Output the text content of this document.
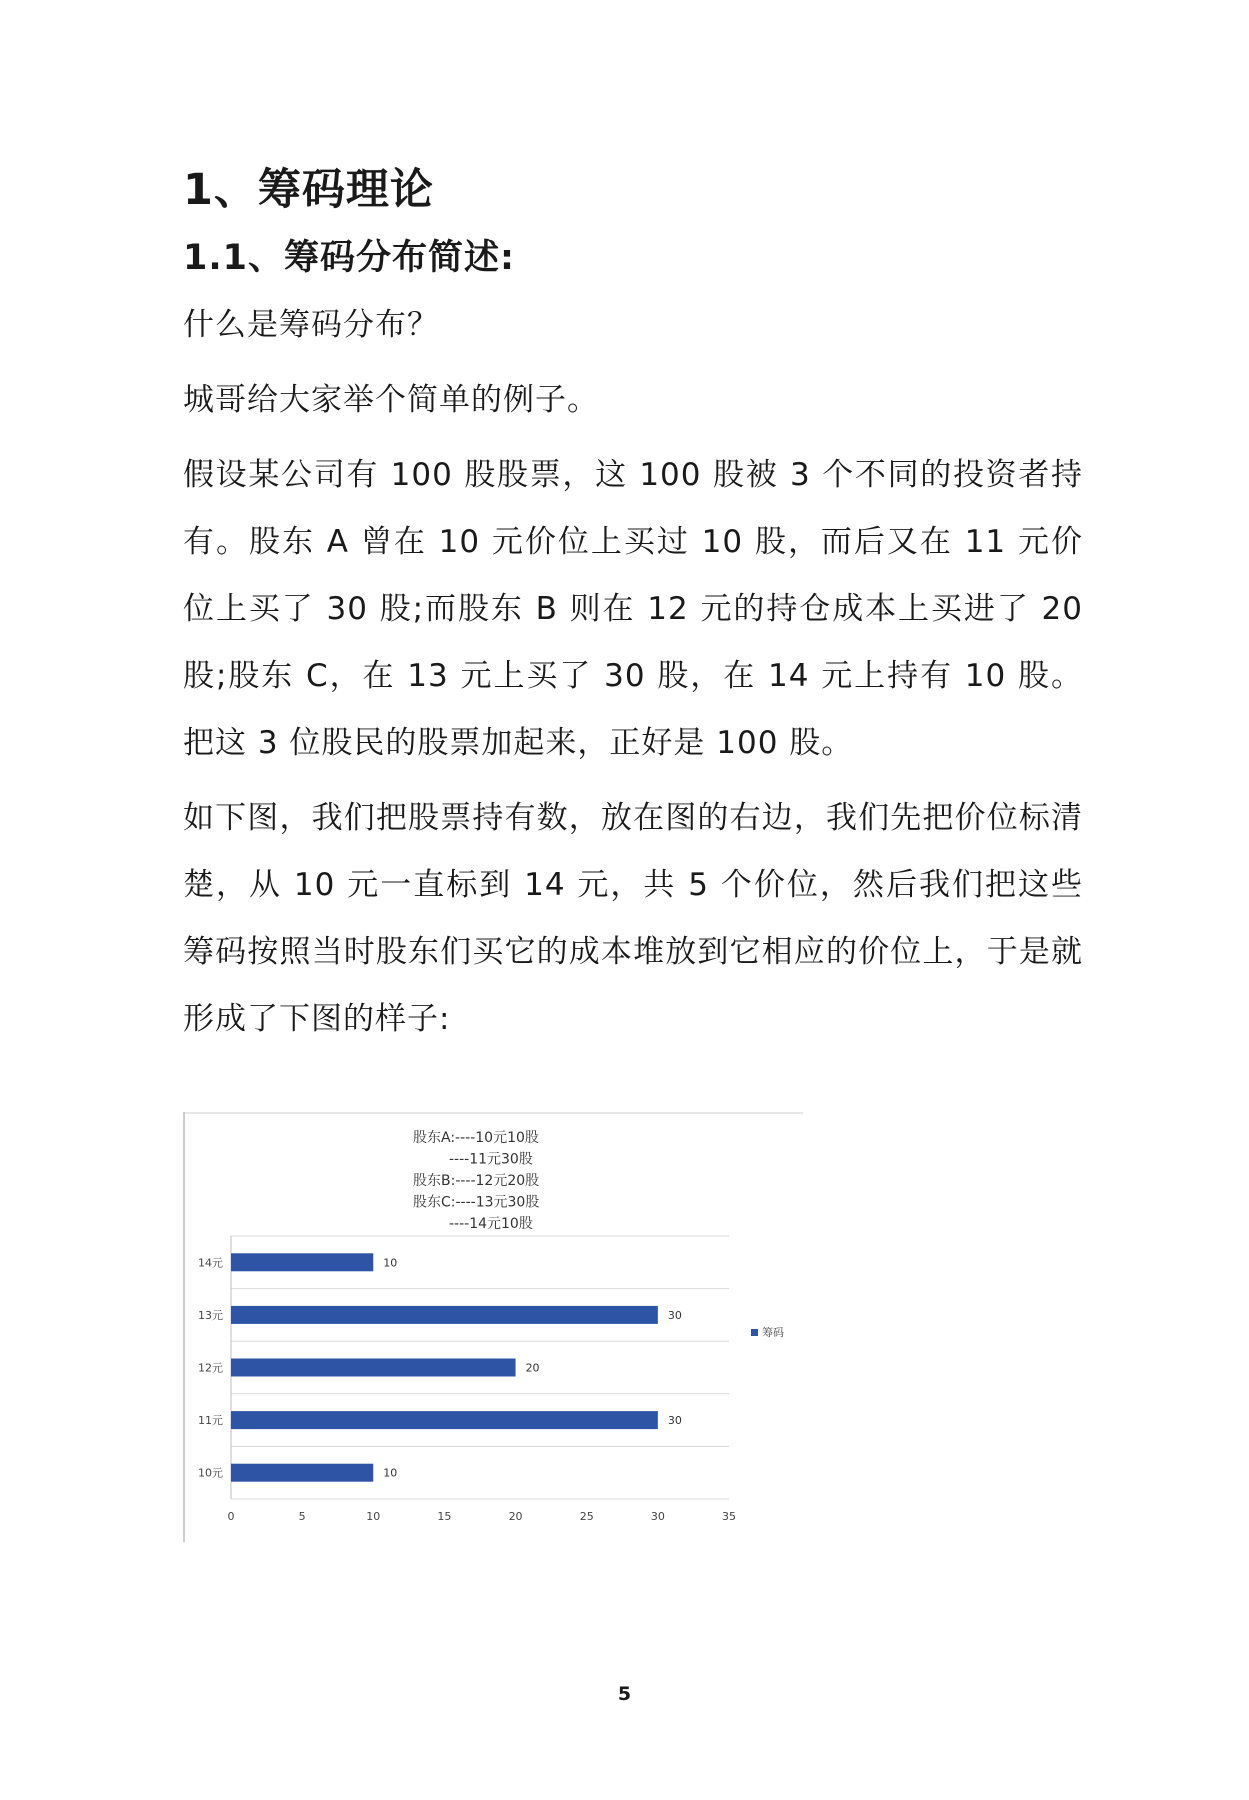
1、筹码理论
1.1、筹码分布简述:

什么是筹码分布？

城哥给大家举个简单的例子。

假设某公司有 100 股股票，这 100 股被 3 个不同的投资者持有。股东 A 曾在 10 元价位上买过 10 股，而后又在 11 元价位上买了 30 股;而股东 B 则在 12 元的持仓成本上买进了 20 股;股东 C，在 13 元上买了 30 股，在 14 元上持有 10 股。把这 3 位股民的股票加起来，正好是 100 股。

如下图，我们把股票持有数，放在图的右边，我们先把价位标清楚，从 10 元一直标到 14 元，共 5 个价位，然后我们把这些筹码按照当时股东们买它的成本堆放到它相应的价位上，于是就形成了下图的样子:

股东A:----10元10股
----11元30股
股东B:----12元20股
股东C:----13元30股
----14元10股
10元	10
11元	30
12元	20
13元	30
14元	10
0	5	10	15	20	25	30	35
筹码
5
